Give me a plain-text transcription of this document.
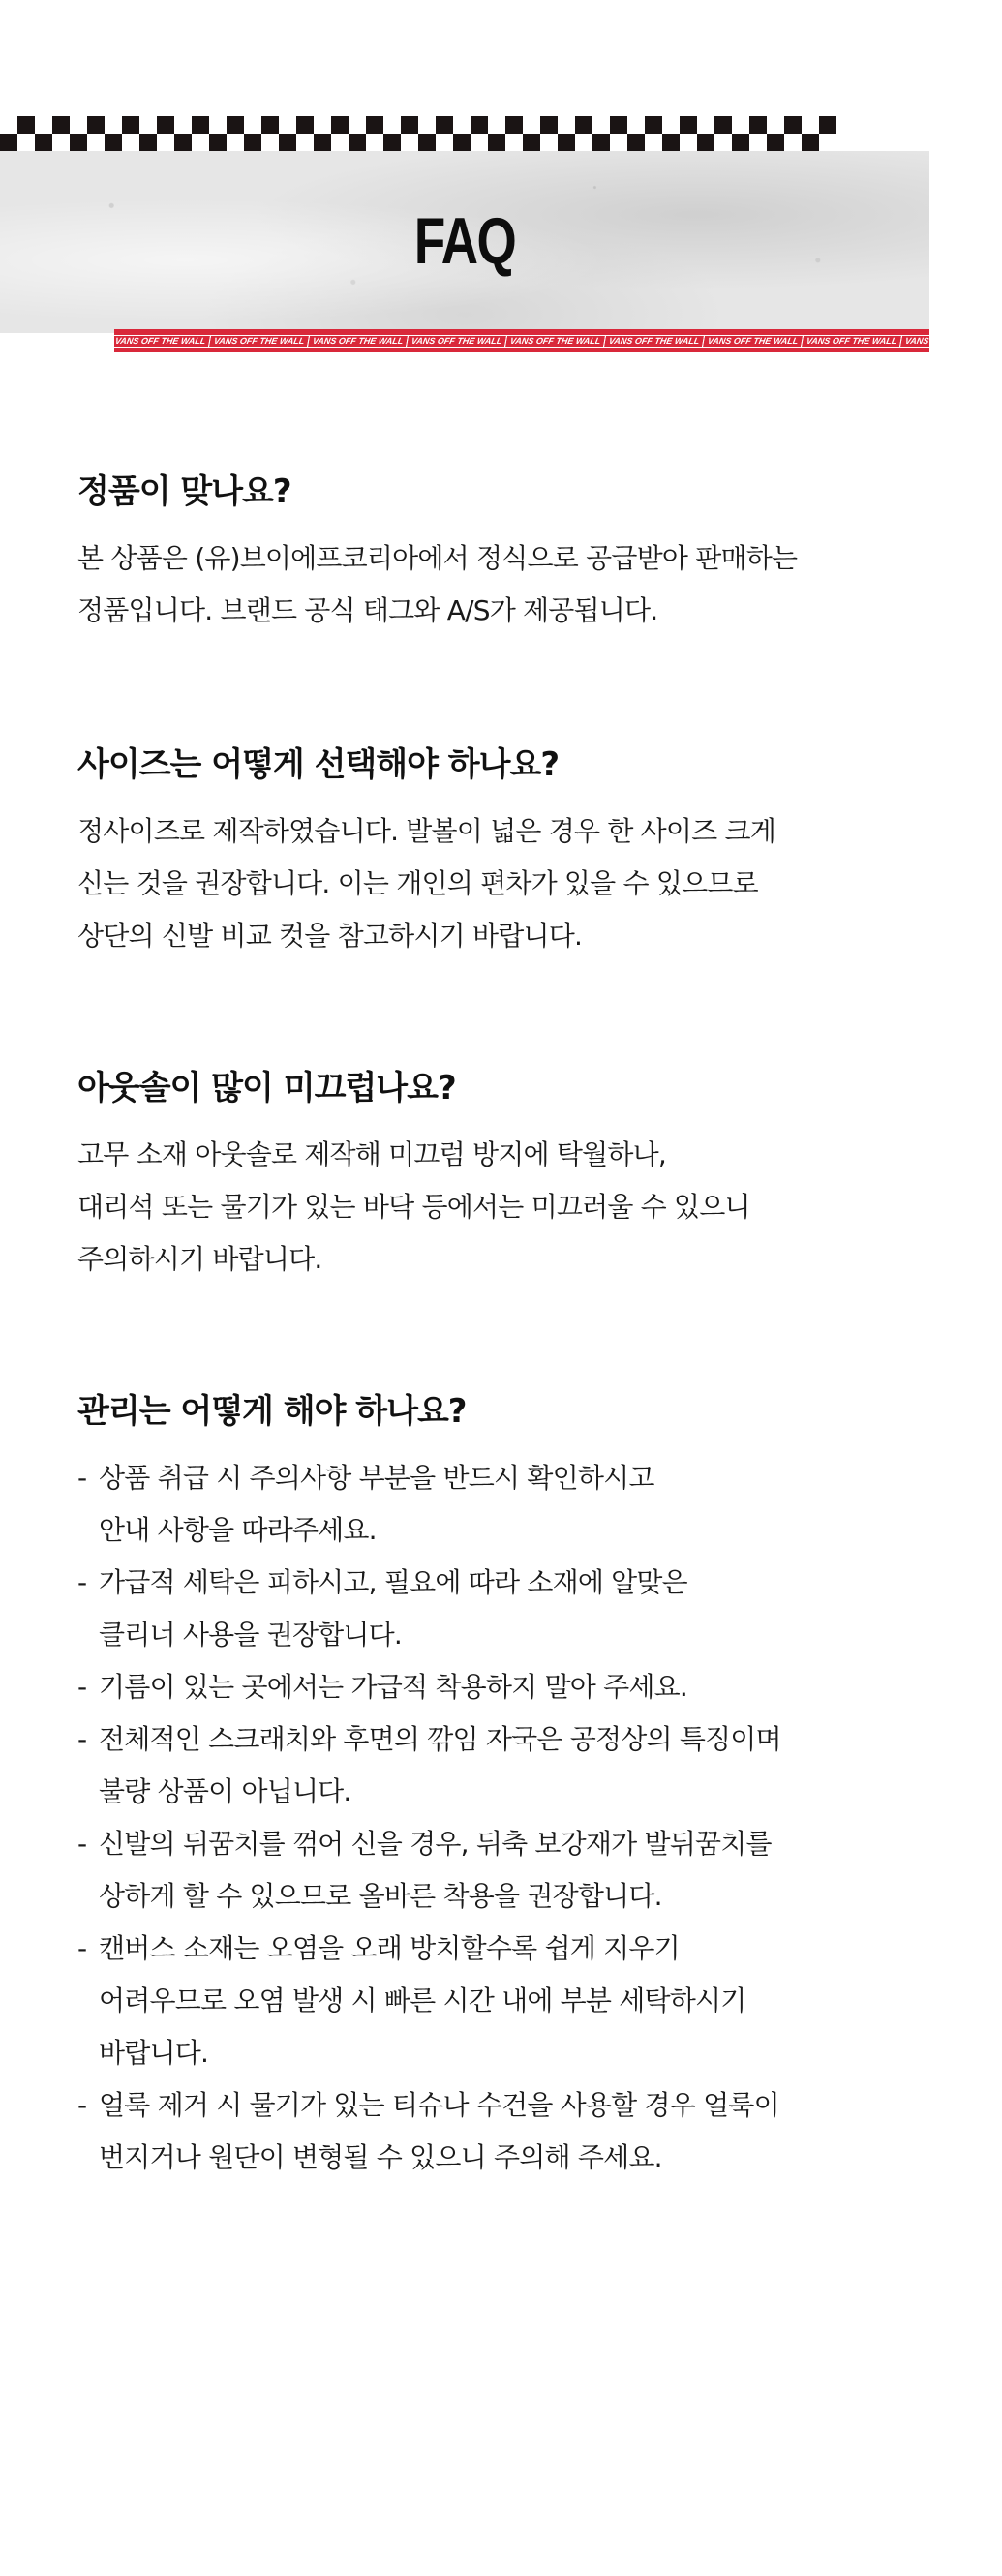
FAQ
VANS OFF THE WALL VANS OFF THE WALL VANS OFF THE WALL VANS OFF THE WALL VANS OFF THE WALL VANS OFF THE WALL VANS OFF THE WALL VANS OFF THE WALL VANS OFF THE WALL
정품이 맞나요?
본 상품은 (유)브이에프코리아에서 정식으로 공급받아 판매하는
정품입니다. 브랜드 공식 태그와 A/S가 제공됩니다.
사이즈는 어떻게 선택해야 하나요?
정사이즈로 제작하였습니다. 발볼이 넓은 경우 한 사이즈 크게
신는 것을 권장합니다. 이는 개인의 편차가 있을 수 있으므로
상단의 신발 비교 컷을 참고하시기 바랍니다.
아웃솔이 많이 미끄럽나요?
고무 소재 아웃솔로 제작해 미끄럼 방지에 탁월하나,
대리석 또는 물기가 있는 바닥 등에서는 미끄러울 수 있으니
주의하시기 바랍니다.
관리는 어떻게 해야 하나요?
- 상품 취급 시 주의사항 부분을 반드시 확인하시고
안내 사항을 따라주세요.
- 가급적 세탁은 피하시고, 필요에 따라 소재에 알맞은
클리너 사용을 권장합니다.
- 기름이 있는 곳에서는 가급적 착용하지 말아 주세요.
- 전체적인 스크래치와 후면의 깎임 자국은 공정상의 특징이며
불량 상품이 아닙니다.
- 신발의 뒤꿈치를 꺾어 신을 경우, 뒤축 보강재가 발뒤꿈치를
상하게 할 수 있으므로 올바른 착용을 권장합니다.
- 캔버스 소재는 오염을 오래 방치할수록 쉽게 지우기
어려우므로 오염 발생 시 빠른 시간 내에 부분 세탁하시기
바랍니다.
- 얼룩 제거 시 물기가 있는 티슈나 수건을 사용할 경우 얼룩이
번지거나 원단이 변형될 수 있으니 주의해 주세요.
